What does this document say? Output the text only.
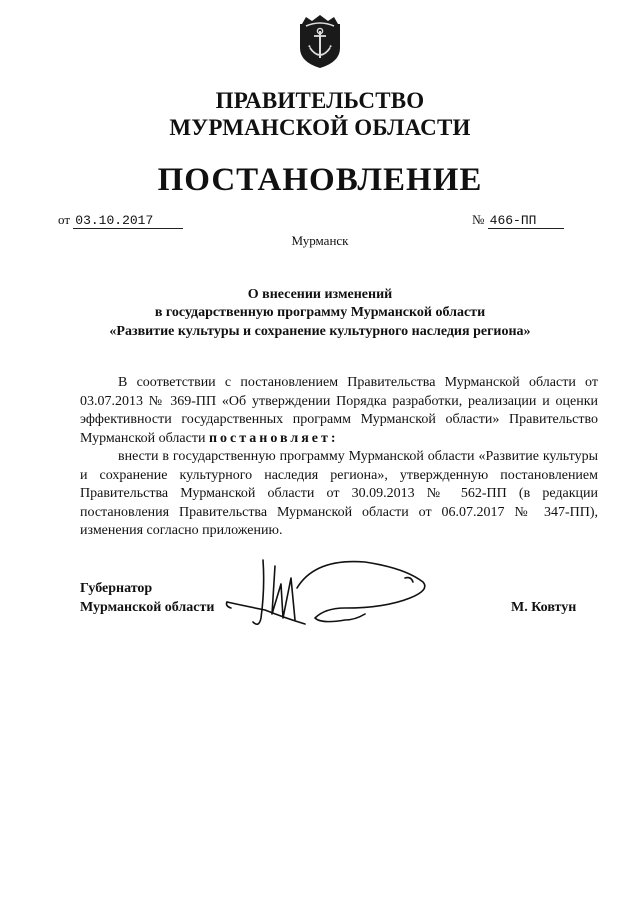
ПРАВИТЕЛЬСТВО
МУРМАНСКОЙ ОБЛАСТИ
ПОСТАНОВЛЕНИЕ
от 03.10.2017	№ 466-ПП
Мурманск
О внесении изменений
в государственную программу Мурманской области
«Развитие культуры и сохранение культурного наследия региона»

В соответствии с постановлением Правительства Мурманской области от 03.07.2013 № 369-ПП «Об утверждении Порядка разработки, реализации и оценки эффективности государственных программ Мурманской области» Правительство Мурманской области постановляет:

внести в государственную программу Мурманской области «Развитие культуры и сохранение культурного наследия региона», утвержденную постановлением Правительства Мурманской области от 30.09.2013 № 562-ПП (в редакции постановления Правительства Мурманской области от 06.07.2017 № 347-ПП), изменения согласно приложению.

Губернатор
Мурманской области	М. Ковтун
